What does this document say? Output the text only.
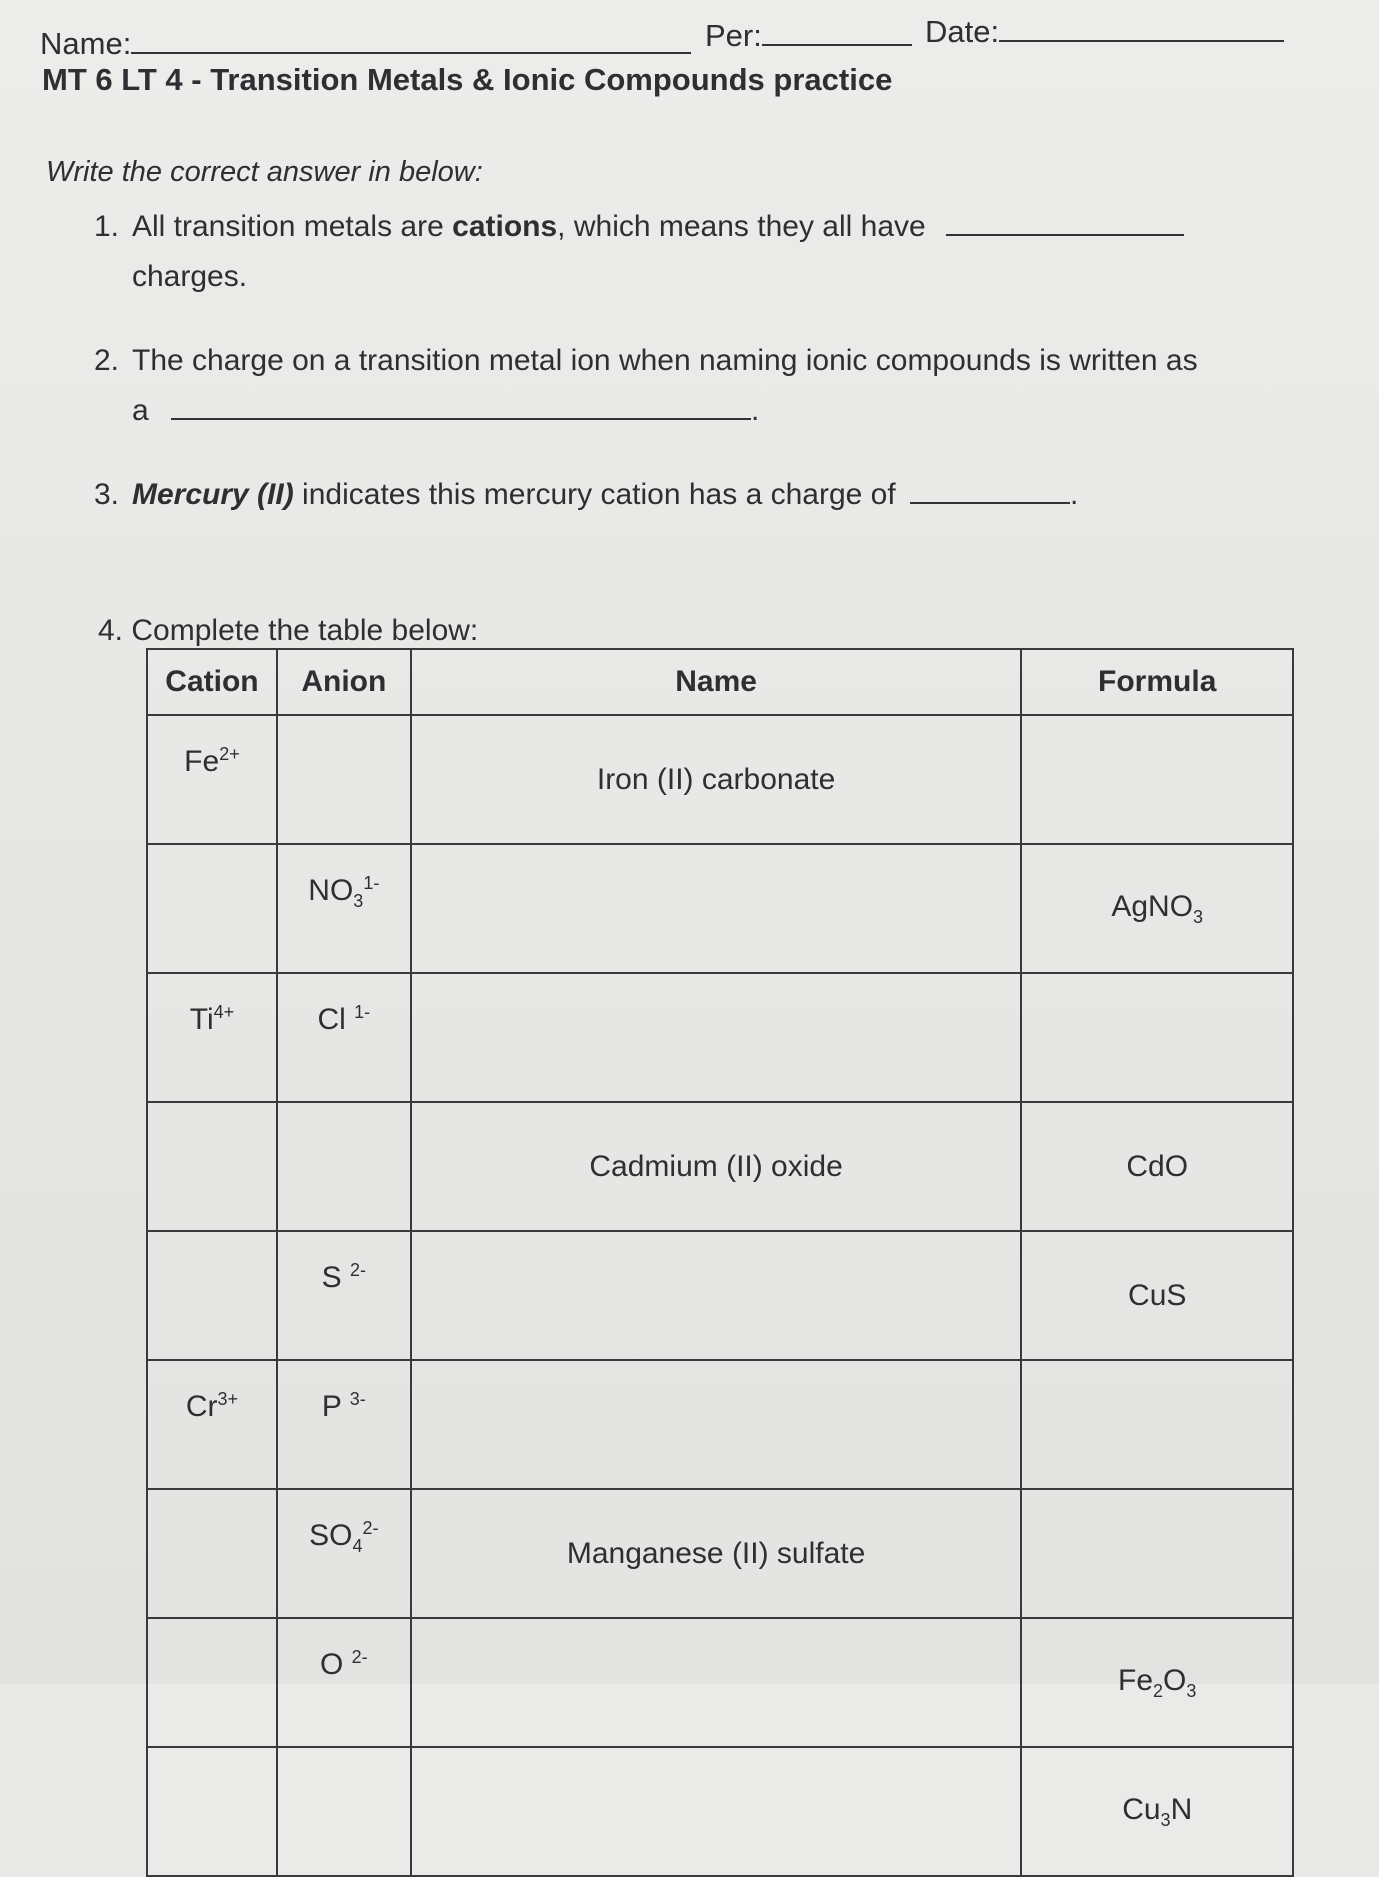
Name:	Per:	Date:
MT 6 LT 4 - Transition Metals & Ionic Compounds practice
Write the correct answer in below:
1. All transition metals are cations, which means they all have
charges.
2. The charge on a transition metal ion when naming ionic compounds is written as
a	.
3. Mercury (II) indicates this mercury cation has a charge of	.
4. Complete the table below:
Cation	Anion	Name	Formula
$Fe^{2+}$		Iron (II) carbonate	
	$NO_3^{1-}$		AgNO$_3$
$Ti^{4+}$	Cl $^{1-}$		
		Cadmium (II) oxide	CdO
	S $^{2-}$		CuS
$Cr^{3+}$	P $^{3-}$		
	$SO_4^{2-}$	Manganese (II) sulfate	
	O $^{2-}$		$Fe_2O_3$
			$Cu_3N$
